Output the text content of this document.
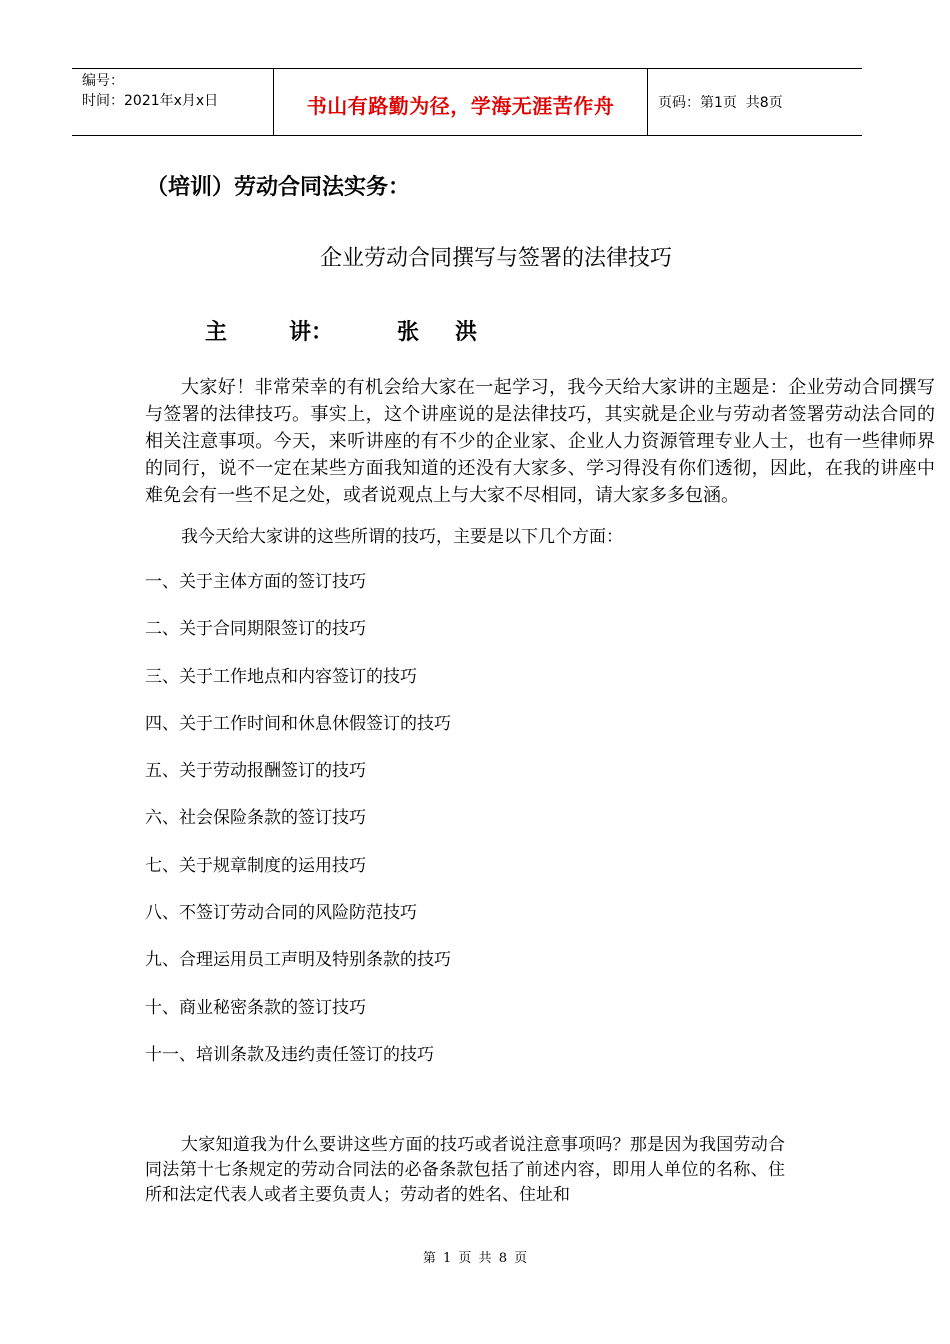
编号：
时间：2021年x月x日	书山有路勤为径，学海无涯苦作舟	页码：第1页  共8页
（培训）劳动合同法实务：
企业劳动合同撰写与签署的法律技巧
主	讲：	张	洪
大家好！非常荣幸的有机会给大家在一起学习，我今天给大家讲的主题是：企业劳动合同撰写与签署的法律技巧。事实上，这个讲座说的是法律技巧，其实就是企业与劳动者签署劳动法合同的相关注意事项。今天，来听讲座的有不少的企业家、企业人力资源管理专业人士，也有一些律师界的同行，说不一定在某些方面我知道的还没有大家多、学习得没有你们透彻，因此，在我的讲座中难免会有一些不足之处，或者说观点上与大家不尽相同，请大家多多包涵。
我今天给大家讲的这些所谓的技巧，主要是以下几个方面：
一、关于主体方面的签订技巧
二、关于合同期限签订的技巧
三、关于工作地点和内容签订的技巧
四、关于工作时间和休息休假签订的技巧
五、关于劳动报酬签订的技巧
六、社会保险条款的签订技巧
七、关于规章制度的运用技巧
八、不签订劳动合同的风险防范技巧
九、合理运用员工声明及特别条款的技巧
十、商业秘密条款的签订技巧
十一、培训条款及违约责任签订的技巧
大家知道我为什么要讲这些方面的技巧或者说注意事项吗？那是因为我国劳动合同法第十七条规定的劳动合同法的必备条款包括了前述内容，即用人单位的名称、住所和法定代表人或者主要负责人；劳动者的姓名、住址和
第 1 页 共 8 页
